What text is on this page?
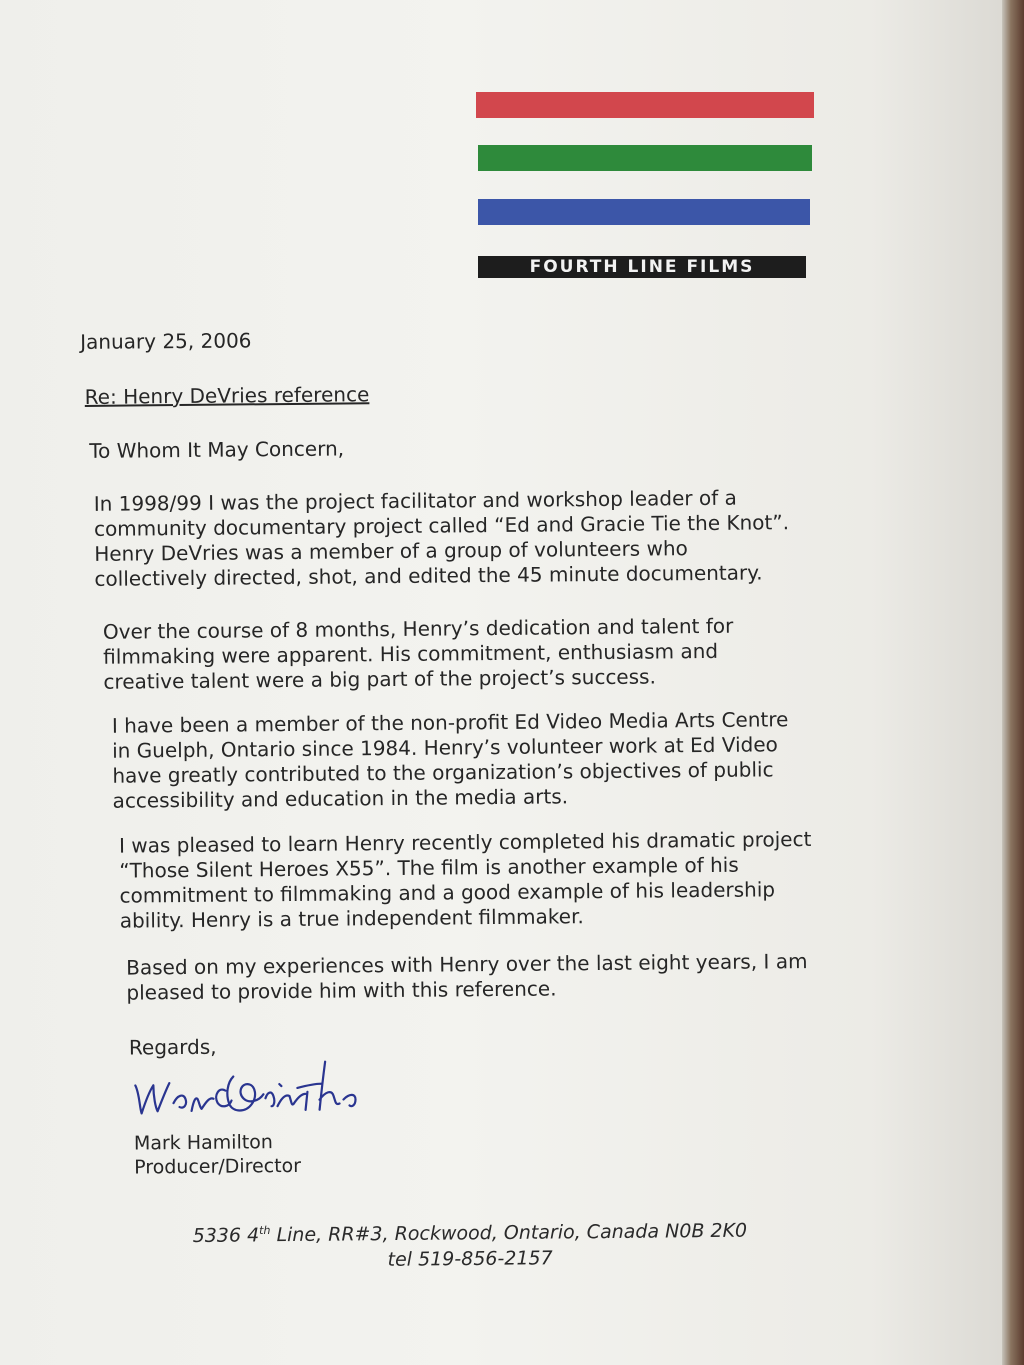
FOURTH LINE FILMS
January 25, 2006
Re: Henry DeVries reference
To Whom It May Concern,

In 1998/99 I was the project facilitator and workshop leader of a community documentary project called “Ed and Gracie Tie the Knot”. Henry DeVries was a member of a group of volunteers who collectively directed, shot, and edited the 45 minute documentary.

Over the course of 8 months, Henry’s dedication and talent for filmmaking were apparent. His commitment, enthusiasm and creative talent were a big part of the project’s success.

I have been a member of the non-profit Ed Video Media Arts Centre in Guelph, Ontario since 1984. Henry’s volunteer work at Ed Video have greatly contributed to the organization’s objectives of public accessibility and education in the media arts.

I was pleased to learn Henry recently completed his dramatic project “Those Silent Heroes X55”. The film is another example of his commitment to filmmaking and a good example of his leadership ability. Henry is a true independent filmmaker.

Based on my experiences with Henry over the last eight years, I am pleased to provide him with this reference.

Regards,
Mark Hamilton
Producer/Director
5336 4th Line, RR#3, Rockwood, Ontario, Canada N0B 2K0
tel 519-856-2157
